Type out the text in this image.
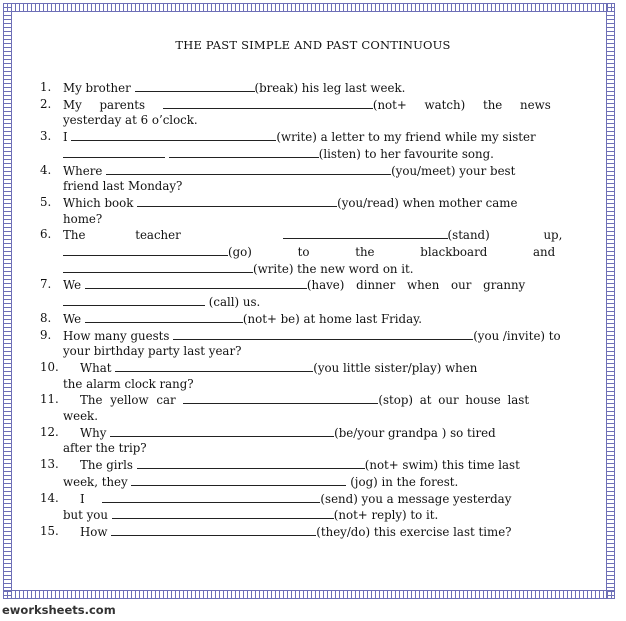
THE PAST SIMPLE AND PAST CONTINUOUS
1. My brother	(break) his leg last week.
2. My parents	(not+ watch) the news
yesterday at 6 o’clock.
3. I	(write) a letter to my friend while my sister
(listen) to her favourite song.
4. Where	(you/meet) your best
friend last Monday?
5. Which book	(you/read) when mother came
home?
6. The teacher	(stand) up,
(go) to the blackboard and
(write) the new word on it.
7. We	(have) dinner when our granny
(call) us.
8. We	(not+ be) at home last Friday.
9. How many guests	(you /invite) to
your birthday party last year?
10.	What	(you little sister/play) when
the alarm clock rang?
11.	The yellow car	(stop) at our house last
week.
12.	Why	(be/your grandpa ) so tired
after the trip?
13.	The girls	(not+ swim) this time last
week, they	(jog) in the forest.
14.	I	(send) you a message yesterday
but you	(not+ reply) to it.
15.	How	(they/do) this exercise last time?
eworksheets.com
